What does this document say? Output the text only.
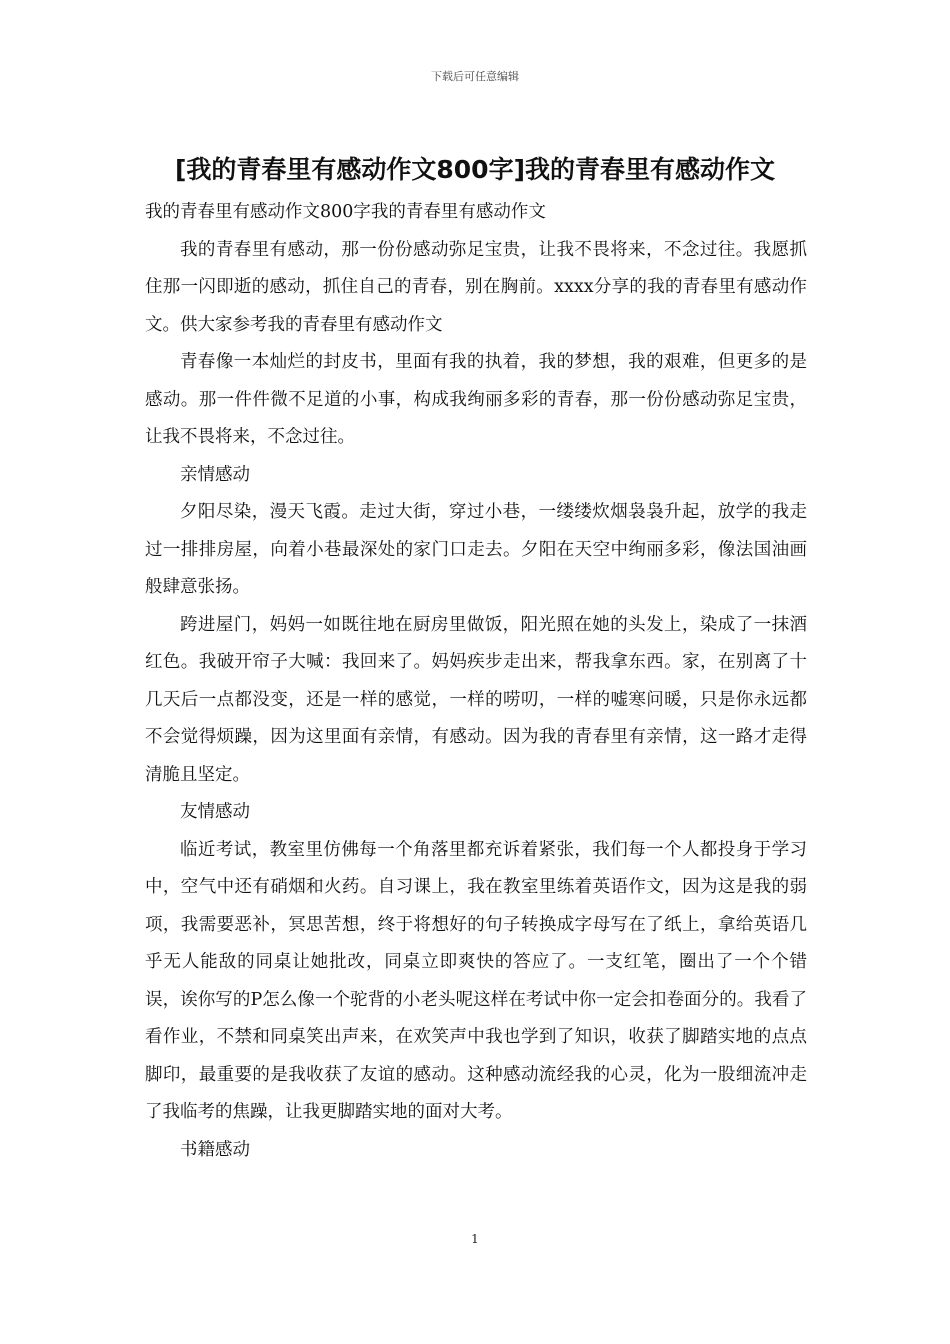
下载后可任意编辑
[我的青春里有感动作文800字]我的青春里有感动作文

我的青春里有感动作文800字我的青春里有感动作文

我的青春里有感动，那一份份感动弥足宝贵，让我不畏将来，不念过往。我愿抓住那一闪即逝的感动，抓住自己的青春，别在胸前。xxxx分享的我的青春里有感动作文。供大家参考我的青春里有感动作文

青春像一本灿烂的封皮书，里面有我的执着，我的梦想，我的艰难，但更多的是感动。那一件件微不足道的小事，构成我绚丽多彩的青春，那一份份感动弥足宝贵，让我不畏将来，不念过往。

亲情感动

夕阳尽染，漫天飞霞。走过大街，穿过小巷，一缕缕炊烟袅袅升起，放学的我走过一排排房屋，向着小巷最深处的家门口走去。夕阳在天空中绚丽多彩，像法国油画般肆意张扬。

跨进屋门，妈妈一如既往地在厨房里做饭，阳光照在她的头发上，染成了一抹酒红色。我破开帘子大喊：我回来了。妈妈疾步走出来，帮我拿东西。家，在别离了十几天后一点都没变，还是一样的感觉，一样的唠叨，一样的嘘寒问暖，只是你永远都不会觉得烦躁，因为这里面有亲情，有感动。因为我的青春里有亲情，这一路才走得清脆且坚定。

友情感动

临近考试，教室里仿佛每一个角落里都充诉着紧张，我们每一个人都投身于学习中，空气中还有硝烟和火药。自习课上，我在教室里练着英语作文，因为这是我的弱项，我需要恶补，冥思苦想，终于将想好的句子转换成字母写在了纸上，拿给英语几乎无人能敌的同桌让她批改，同桌立即爽快的答应了。一支红笔，圈出了一个个错误，诶你写的P怎么像一个驼背的小老头呢这样在考试中你一定会扣卷面分的。我看了看作业，不禁和同桌笑出声来，在欢笑声中我也学到了知识，收获了脚踏实地的点点脚印，最重要的是我收获了友谊的感动。这种感动流经我的心灵，化为一股细流冲走了我临考的焦躁，让我更脚踏实地的面对大考。

书籍感动

1
